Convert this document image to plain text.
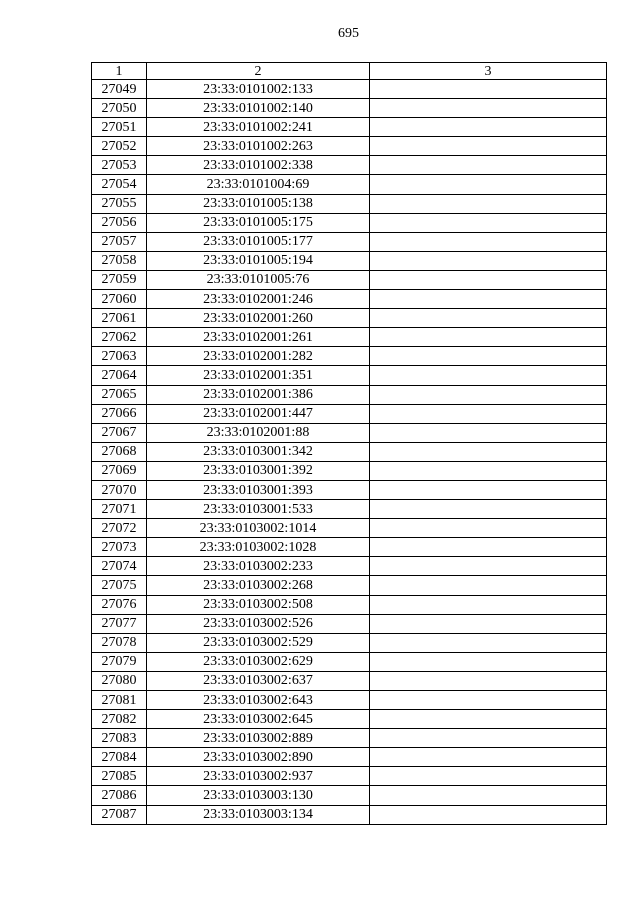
695
1	2	3
27049	23:33:0101002:133	
27050	23:33:0101002:140	
27051	23:33:0101002:241	
27052	23:33:0101002:263	
27053	23:33:0101002:338	
27054	23:33:0101004:69	
27055	23:33:0101005:138	
27056	23:33:0101005:175	
27057	23:33:0101005:177	
27058	23:33:0101005:194	
27059	23:33:0101005:76	
27060	23:33:0102001:246	
27061	23:33:0102001:260	
27062	23:33:0102001:261	
27063	23:33:0102001:282	
27064	23:33:0102001:351	
27065	23:33:0102001:386	
27066	23:33:0102001:447	
27067	23:33:0102001:88	
27068	23:33:0103001:342	
27069	23:33:0103001:392	
27070	23:33:0103001:393	
27071	23:33:0103001:533	
27072	23:33:0103002:1014	
27073	23:33:0103002:1028	
27074	23:33:0103002:233	
27075	23:33:0103002:268	
27076	23:33:0103002:508	
27077	23:33:0103002:526	
27078	23:33:0103002:529	
27079	23:33:0103002:629	
27080	23:33:0103002:637	
27081	23:33:0103002:643	
27082	23:33:0103002:645	
27083	23:33:0103002:889	
27084	23:33:0103002:890	
27085	23:33:0103002:937	
27086	23:33:0103003:130	
27087	23:33:0103003:134	
